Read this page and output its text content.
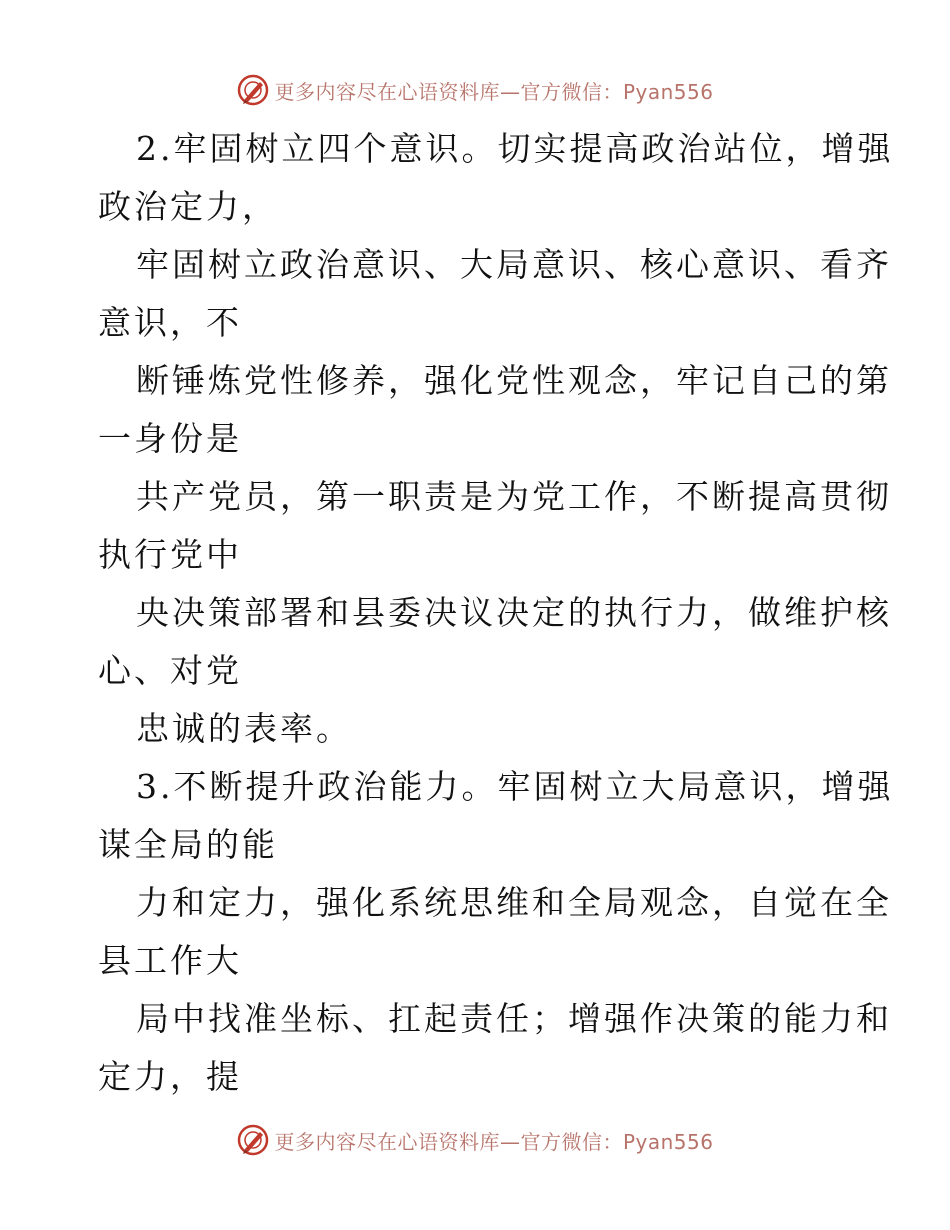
更多内容尽在心语资料库—官方微信：Pyan556
2.牢固树立四个意识。切实提高政治站位，增强
政治定力，
牢固树立政治意识、大局意识、核心意识、看齐
意识，不
断锤炼党性修养，强化党性观念，牢记自己的第
一身份是
共产党员，第一职责是为党工作，不断提高贯彻
执行党中
央决策部署和县委决议决定的执行力，做维护核
心、对党
忠诚的表率。
3.不断提升政治能力。牢固树立大局意识，增强
谋全局的能
力和定力，强化系统思维和全局观念，自觉在全
县工作大
局中找准坐标、扛起责任；增强作决策的能力和
定力，提
更多内容尽在心语资料库—官方微信：Pyan556
